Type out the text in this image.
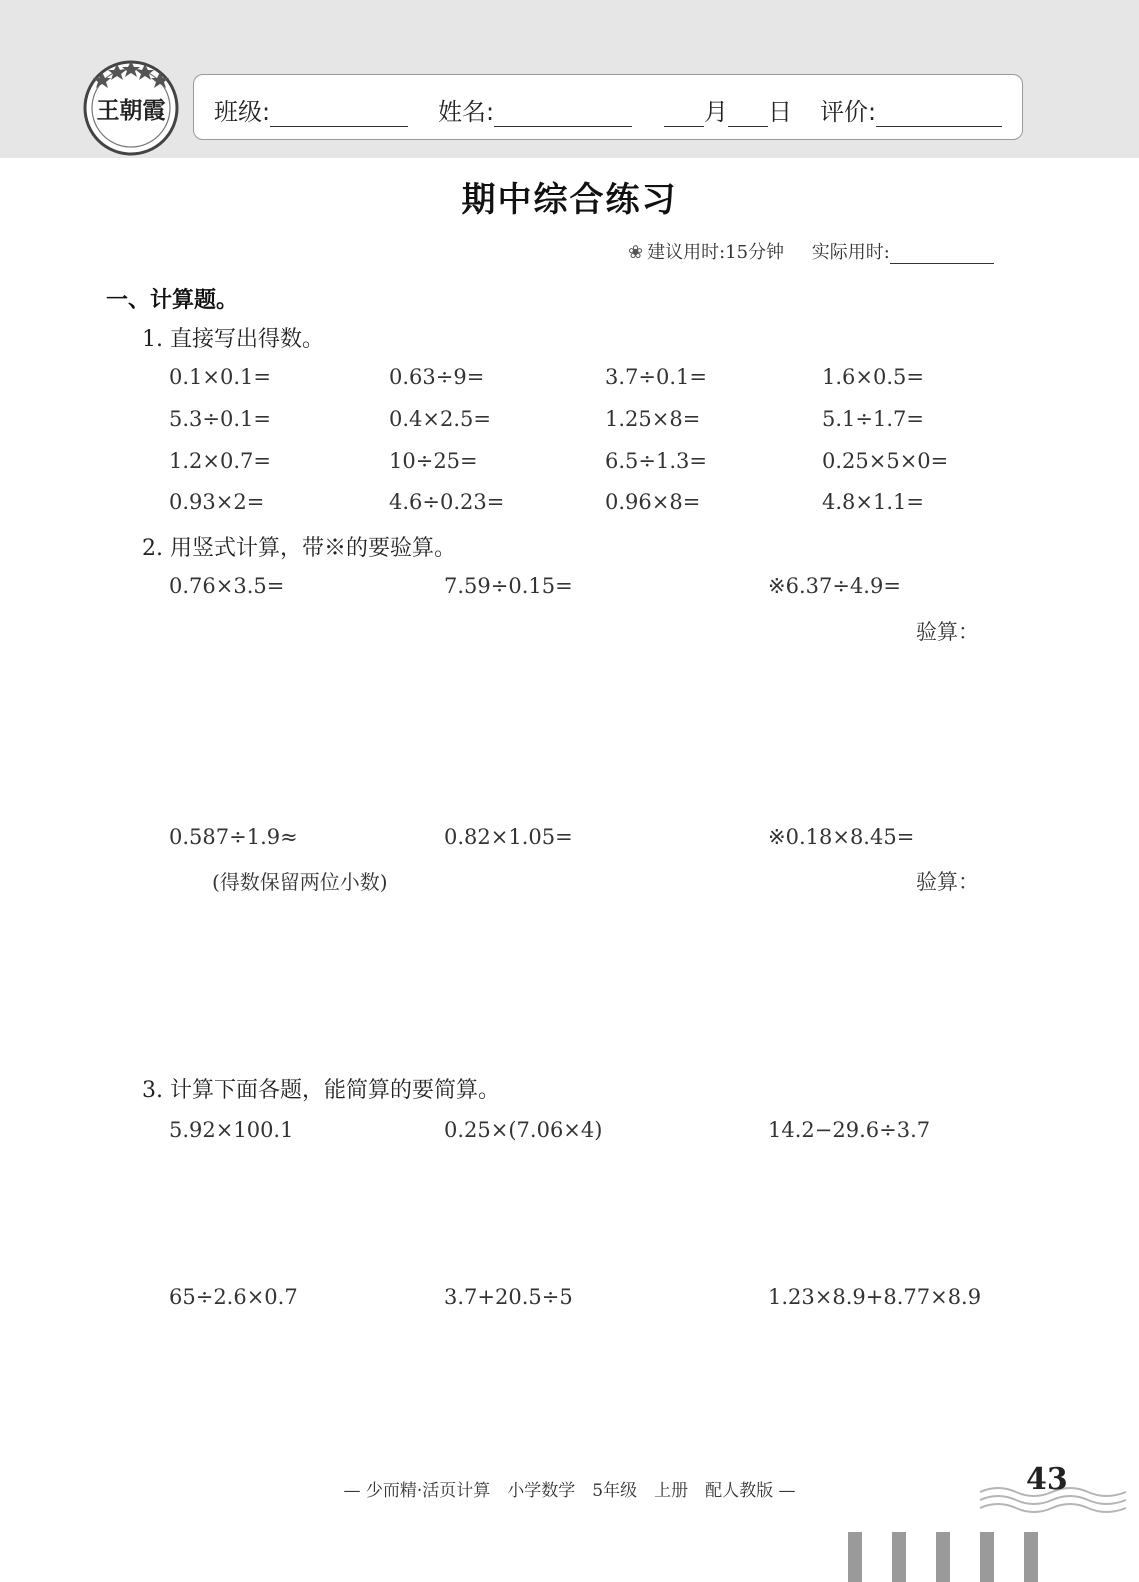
王朝霞 班级:	姓名:	月 日 评价:
期中综合练习
❀ 建议用时:15分钟 实际用时:
一、计算题。
1. 直接写出得数。
0.1×0.1=	0.63÷9=	3.7÷0.1=	1.6×0.5=
5.3÷0.1=	0.4×2.5=	1.25×8=	5.1÷1.7=
1.2×0.7=	10÷25=	6.5÷1.3=	0.25×5×0=
0.93×2=	4.6÷0.23=	0.96×8=	4.8×1.1=
2. 用竖式计算，带※的要验算。
0.76×3.5=	7.59÷0.15=	※6.37÷4.9=
验算：
0.587÷1.9≈	0.82×1.05=	※0.18×8.45=
(得数保留两位小数)	验算：
3. 计算下面各题，能简算的要简算。
5.92×100.1	0.25×(7.06×4)	14.2−29.6÷3.7
65÷2.6×0.7	3.7+20.5÷5	1.23×8.9+8.77×8.9
— 少而精·活页计算　小学数学　5年级　上册　配人教版 —	43
